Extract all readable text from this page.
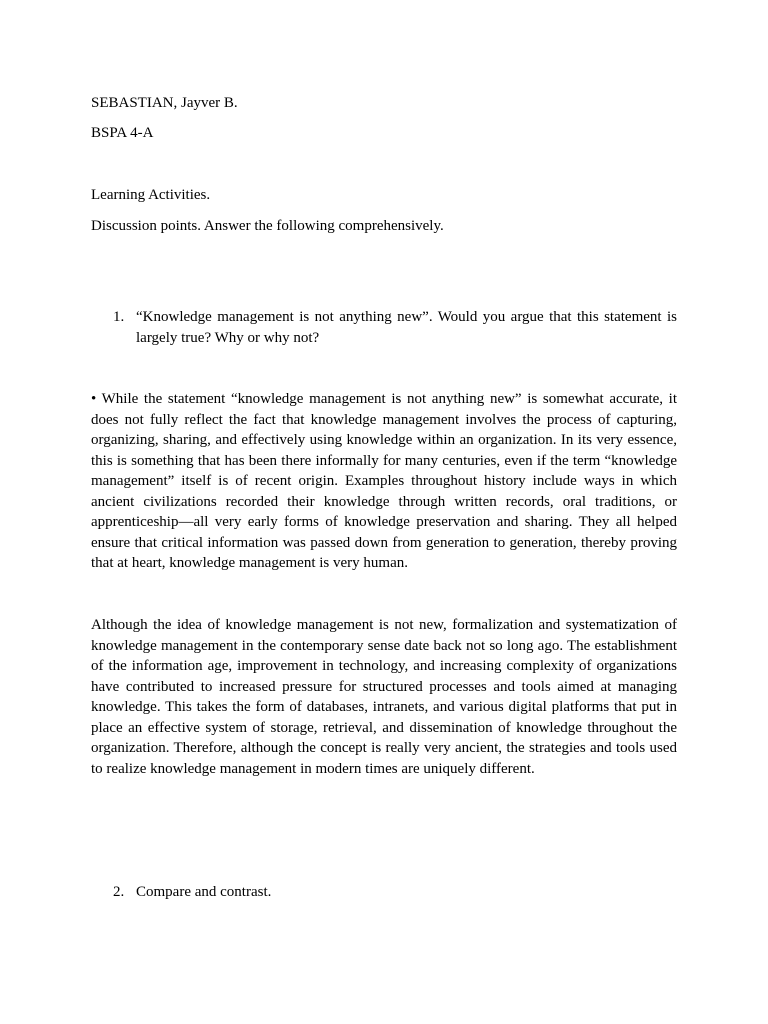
SEBASTIAN, Jayver B.
BSPA 4-A
Learning Activities.
Discussion points. Answer the following comprehensively.
1. “Knowledge management is not anything new”. Would you argue that this statement is largely true? Why or why not?

• While the statement “knowledge management is not anything new” is somewhat accurate, it does not fully reflect the fact that knowledge management involves the process of capturing, organizing, sharing, and effectively using knowledge within an organization. In its very essence, this is something that has been there informally for many centuries, even if the term “knowledge management” itself is of recent origin. Examples throughout history include ways in which ancient civilizations recorded their knowledge through written records, oral traditions, or apprenticeship—all very early forms of knowledge preservation and sharing. They all helped ensure that critical information was passed down from generation to generation, thereby proving that at heart, knowledge management is very human.

Although the idea of knowledge management is not new, formalization and systematization of knowledge management in the contemporary sense date back not so long ago. The establishment of the information age, improvement in technology, and increasing complexity of organizations have contributed to increased pressure for structured processes and tools aimed at managing knowledge. This takes the form of databases, intranets, and various digital platforms that put in place an effective system of storage, retrieval, and dissemination of knowledge throughout the organization. Therefore, although the concept is really very ancient, the strategies and tools used to realize knowledge management in modern times are uniquely different.

2. Compare and contrast.
